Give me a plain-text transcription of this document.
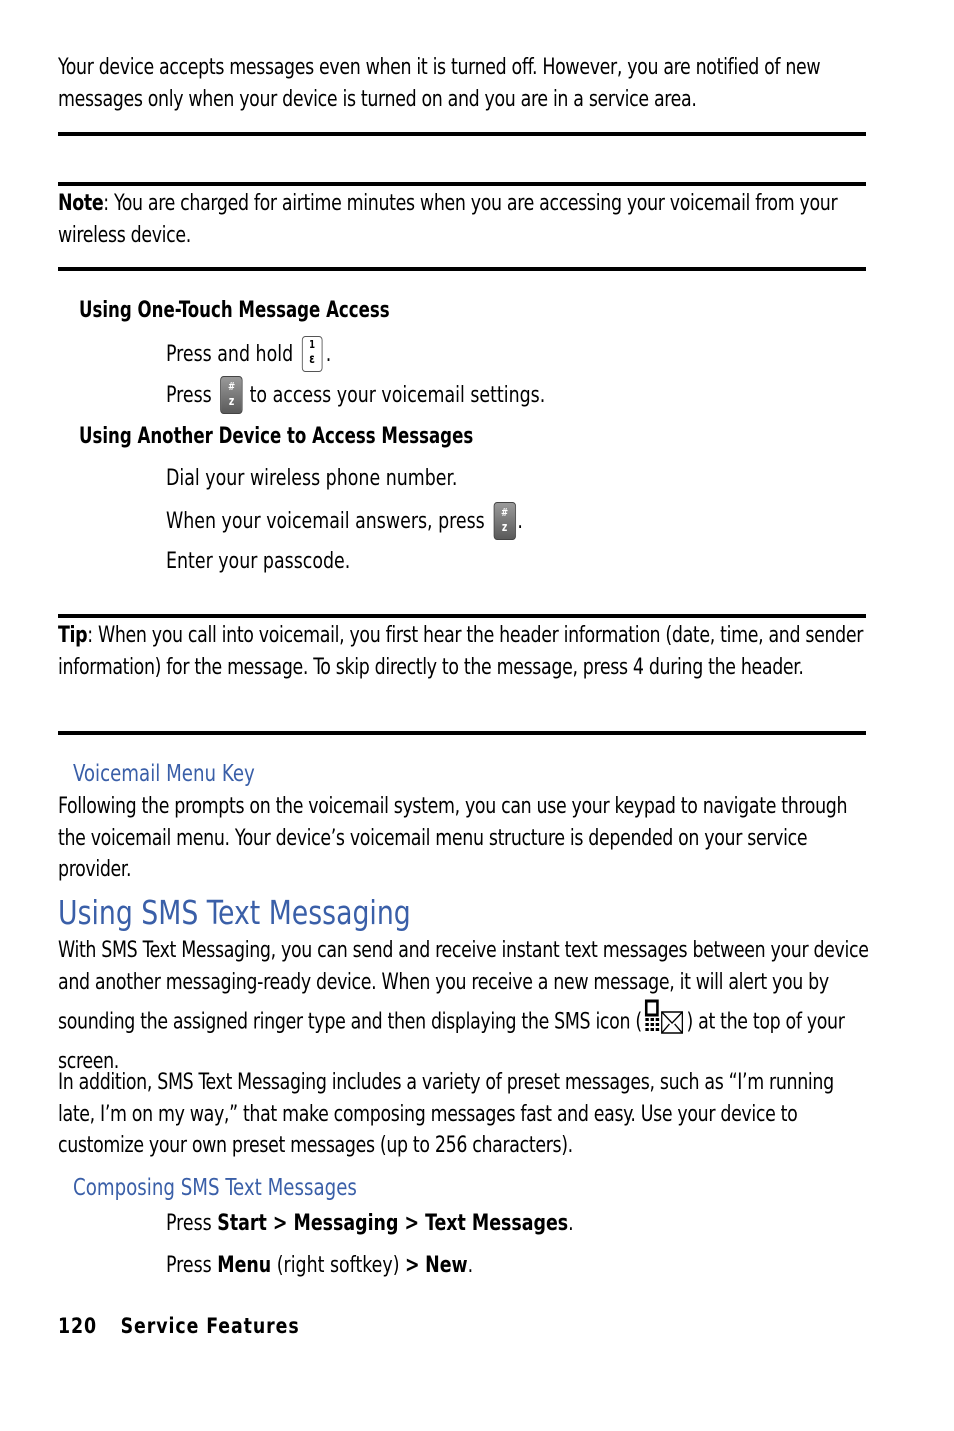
Your device accepts messages even when it is turned off. However, you are notified of new messages only when your device is turned on and you are in a service area.
Note: You are charged for airtime minutes when you are accessing your voicemail from your wireless device.
Using One-Touch Message Access
Press and hold	1
ε .
Press	#
z to access your voicemail settings.
Using Another Device to Access Messages
Dial your wireless phone number.
When your voicemail answers, press	#
z .
Enter your passcode.
Tip: When you call into voicemail, you first hear the header information (date, time, and sender information) for the message. To skip directly to the message, press 4 during the header.
Voicemail Menu Key
Following the prompts on the voicemail system, you can use your keypad to navigate through the voicemail menu. Your device’s voicemail menu structure is depended on your service provider.
Using SMS Text Messaging
With SMS Text Messaging, you can send and receive instant text messages between your device and another messaging-ready device. When you receive a new message, it will alert you by sounding the assigned ringer type and then displaying the SMS icon ( ) at the top of your screen.
In addition, SMS Text Messaging includes a variety of preset messages, such as “I’m running late, I’m on my way,” that make composing messages fast and easy. Use your device to customize your own preset messages (up to 256 characters).
Composing SMS Text Messages
Press Start > Messaging > Text Messages .
Press Menu (right softkey) >
New .
120 Service Features
